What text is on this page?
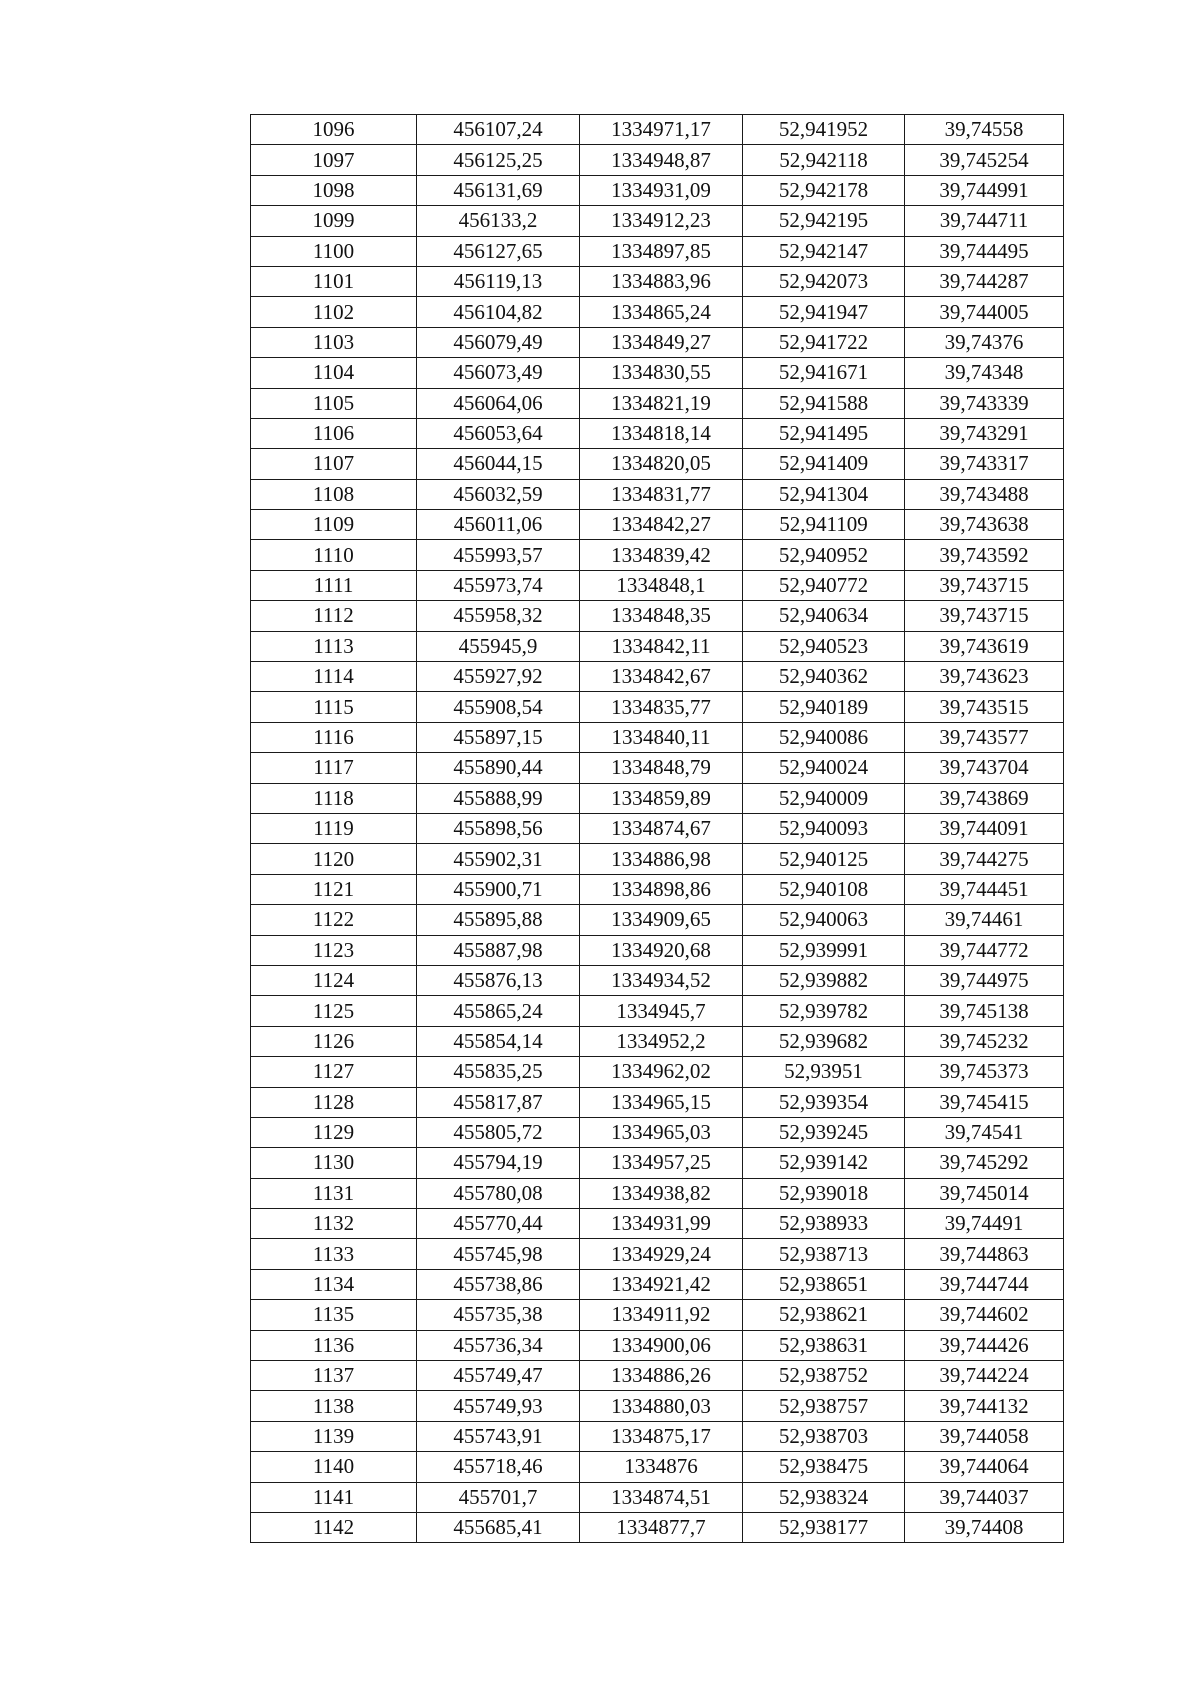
1096	456107,24	1334971,17	52,941952	39,74558
1097	456125,25	1334948,87	52,942118	39,745254
1098	456131,69	1334931,09	52,942178	39,744991
1099	456133,2	1334912,23	52,942195	39,744711
1100	456127,65	1334897,85	52,942147	39,744495
1101	456119,13	1334883,96	52,942073	39,744287
1102	456104,82	1334865,24	52,941947	39,744005
1103	456079,49	1334849,27	52,941722	39,74376
1104	456073,49	1334830,55	52,941671	39,74348
1105	456064,06	1334821,19	52,941588	39,743339
1106	456053,64	1334818,14	52,941495	39,743291
1107	456044,15	1334820,05	52,941409	39,743317
1108	456032,59	1334831,77	52,941304	39,743488
1109	456011,06	1334842,27	52,941109	39,743638
1110	455993,57	1334839,42	52,940952	39,743592
1111	455973,74	1334848,1	52,940772	39,743715
1112	455958,32	1334848,35	52,940634	39,743715
1113	455945,9	1334842,11	52,940523	39,743619
1114	455927,92	1334842,67	52,940362	39,743623
1115	455908,54	1334835,77	52,940189	39,743515
1116	455897,15	1334840,11	52,940086	39,743577
1117	455890,44	1334848,79	52,940024	39,743704
1118	455888,99	1334859,89	52,940009	39,743869
1119	455898,56	1334874,67	52,940093	39,744091
1120	455902,31	1334886,98	52,940125	39,744275
1121	455900,71	1334898,86	52,940108	39,744451
1122	455895,88	1334909,65	52,940063	39,74461
1123	455887,98	1334920,68	52,939991	39,744772
1124	455876,13	1334934,52	52,939882	39,744975
1125	455865,24	1334945,7	52,939782	39,745138
1126	455854,14	1334952,2	52,939682	39,745232
1127	455835,25	1334962,02	52,93951	39,745373
1128	455817,87	1334965,15	52,939354	39,745415
1129	455805,72	1334965,03	52,939245	39,74541
1130	455794,19	1334957,25	52,939142	39,745292
1131	455780,08	1334938,82	52,939018	39,745014
1132	455770,44	1334931,99	52,938933	39,74491
1133	455745,98	1334929,24	52,938713	39,744863
1134	455738,86	1334921,42	52,938651	39,744744
1135	455735,38	1334911,92	52,938621	39,744602
1136	455736,34	1334900,06	52,938631	39,744426
1137	455749,47	1334886,26	52,938752	39,744224
1138	455749,93	1334880,03	52,938757	39,744132
1139	455743,91	1334875,17	52,938703	39,744058
1140	455718,46	1334876	52,938475	39,744064
1141	455701,7	1334874,51	52,938324	39,744037
1142	455685,41	1334877,7	52,938177	39,74408
